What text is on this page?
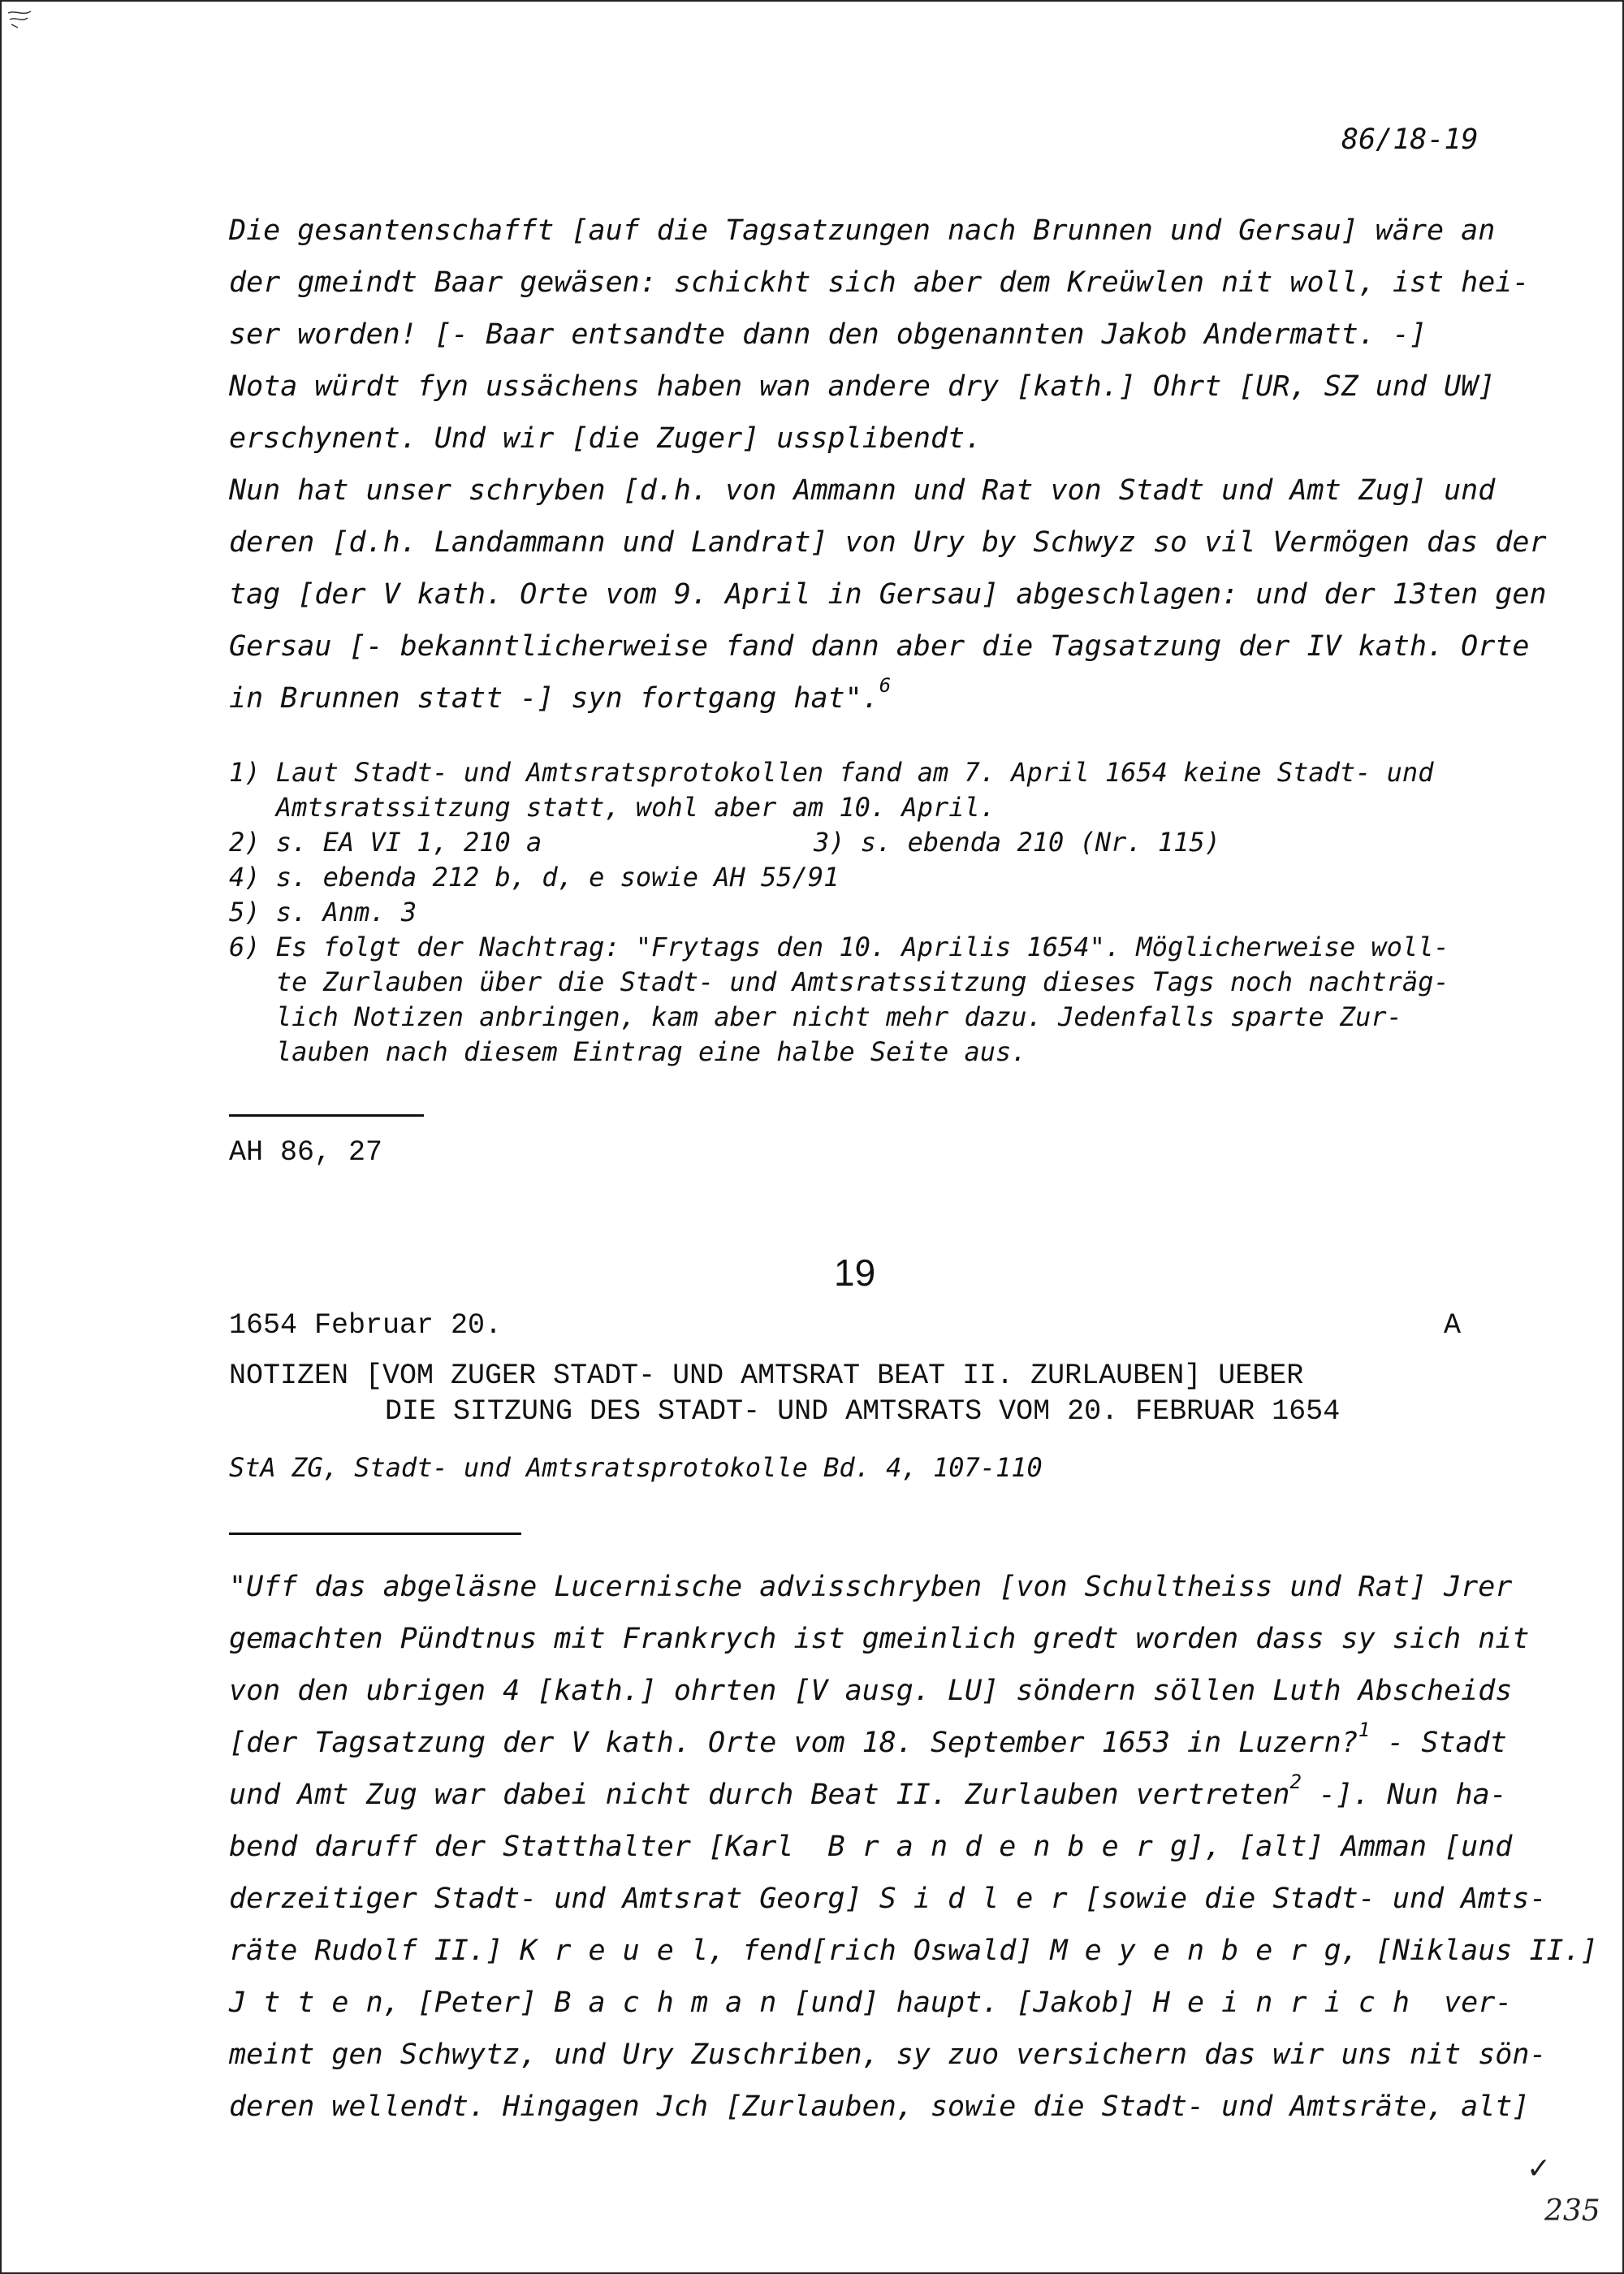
86/18-19
Die gesantenschafft [auf die Tagsatzungen nach Brunnen und Gersau] wäre an
der gmeindt Baar gewäsen: schickht sich aber dem Kreüwlen nit woll, ist hei-
ser worden! [- Baar entsandte dann den obgenannten Jakob Andermatt. -]
Nota würdt fyn ussächens haben wan andere dry [kath.] Ohrt [UR, SZ und UW]
erschynent. Und wir [die Zuger] ussplibendt.
Nun hat unser schryben [d.h. von Ammann und Rat von Stadt und Amt Zug] und
deren [d.h. Landammann und Landrat] von Ury by Schwyz so vil Vermögen das der
tag [der V kath. Orte vom 9. April in Gersau] abgeschlagen: und der 13ten gen
Gersau [- bekanntlicherweise fand dann aber die Tagsatzung der IV kath. Orte
in Brunnen statt -] syn fortgang hat".$^6$
1) Laut Stadt- und Amtsratsprotokollen fand am 7. April 1654 keine Stadt- und
Amtsratssitzung statt, wohl aber am 10. April.
2) s. EA VI 1, 210 a	3) s. ebenda 210 (Nr. 115)
4) s. ebenda 212 b, d, e sowie AH 55/91
5) s. Anm. 3
6) Es folgt der Nachtrag: "Frytags den 10. Aprilis 1654". Möglicherweise woll-
te Zurlauben über die Stadt- und Amtsratssitzung dieses Tags noch nachträg-
lich Notizen anbringen, kam aber nicht mehr dazu. Jedenfalls sparte Zur-
lauben nach diesem Eintrag eine halbe Seite aus.
AH 86, 27
19
1654 Februar 20.	A
NOTIZEN [VOM ZUGER STADT- UND AMTSRAT BEAT II. ZURLAUBEN] UEBER
DIE SITZUNG DES STADT- UND AMTSRATS VOM 20. FEBRUAR 1654
StA ZG, Stadt- und Amtsratsprotokolle Bd. 4, 107-110
"Uff das abgeläsne Lucernische advisschryben [von Schultheiss und Rat] Jrer
gemachten Pündtnus mit Frankrych ist gmeinlich gredt worden dass sy sich nit
von den ubrigen 4 [kath.] ohrten [V ausg. LU] söndern söllen Luth Abscheids
[der Tagsatzung der V kath. Orte vom 18. September 1653 in Luzern?$^1$ - Stadt
und Amt Zug war dabei nicht durch Beat II. Zurlauben vertreten$^2$ -]. Nun ha-
bend daruff der Statthalter [Karl  B r a n d e n b e r g], [alt] Amman [und
derzeitiger Stadt- und Amtsrat Georg] S i d l e r [sowie die Stadt- und Amts-
räte Rudolf II.] K r e u e l, fend[rich Oswald] M e y e n b e r g, [Niklaus II.]
J t t e n, [Peter] B a c h m a n [und] haupt. [Jakob] H e i n r i c h  ver-
meint gen Schwytz, und Ury Zuschriben, sy zuo versichern das wir uns nit sön-
deren wellendt. Hingagen Jch [Zurlauben, sowie die Stadt- und Amtsräte, alt]
✓
235
